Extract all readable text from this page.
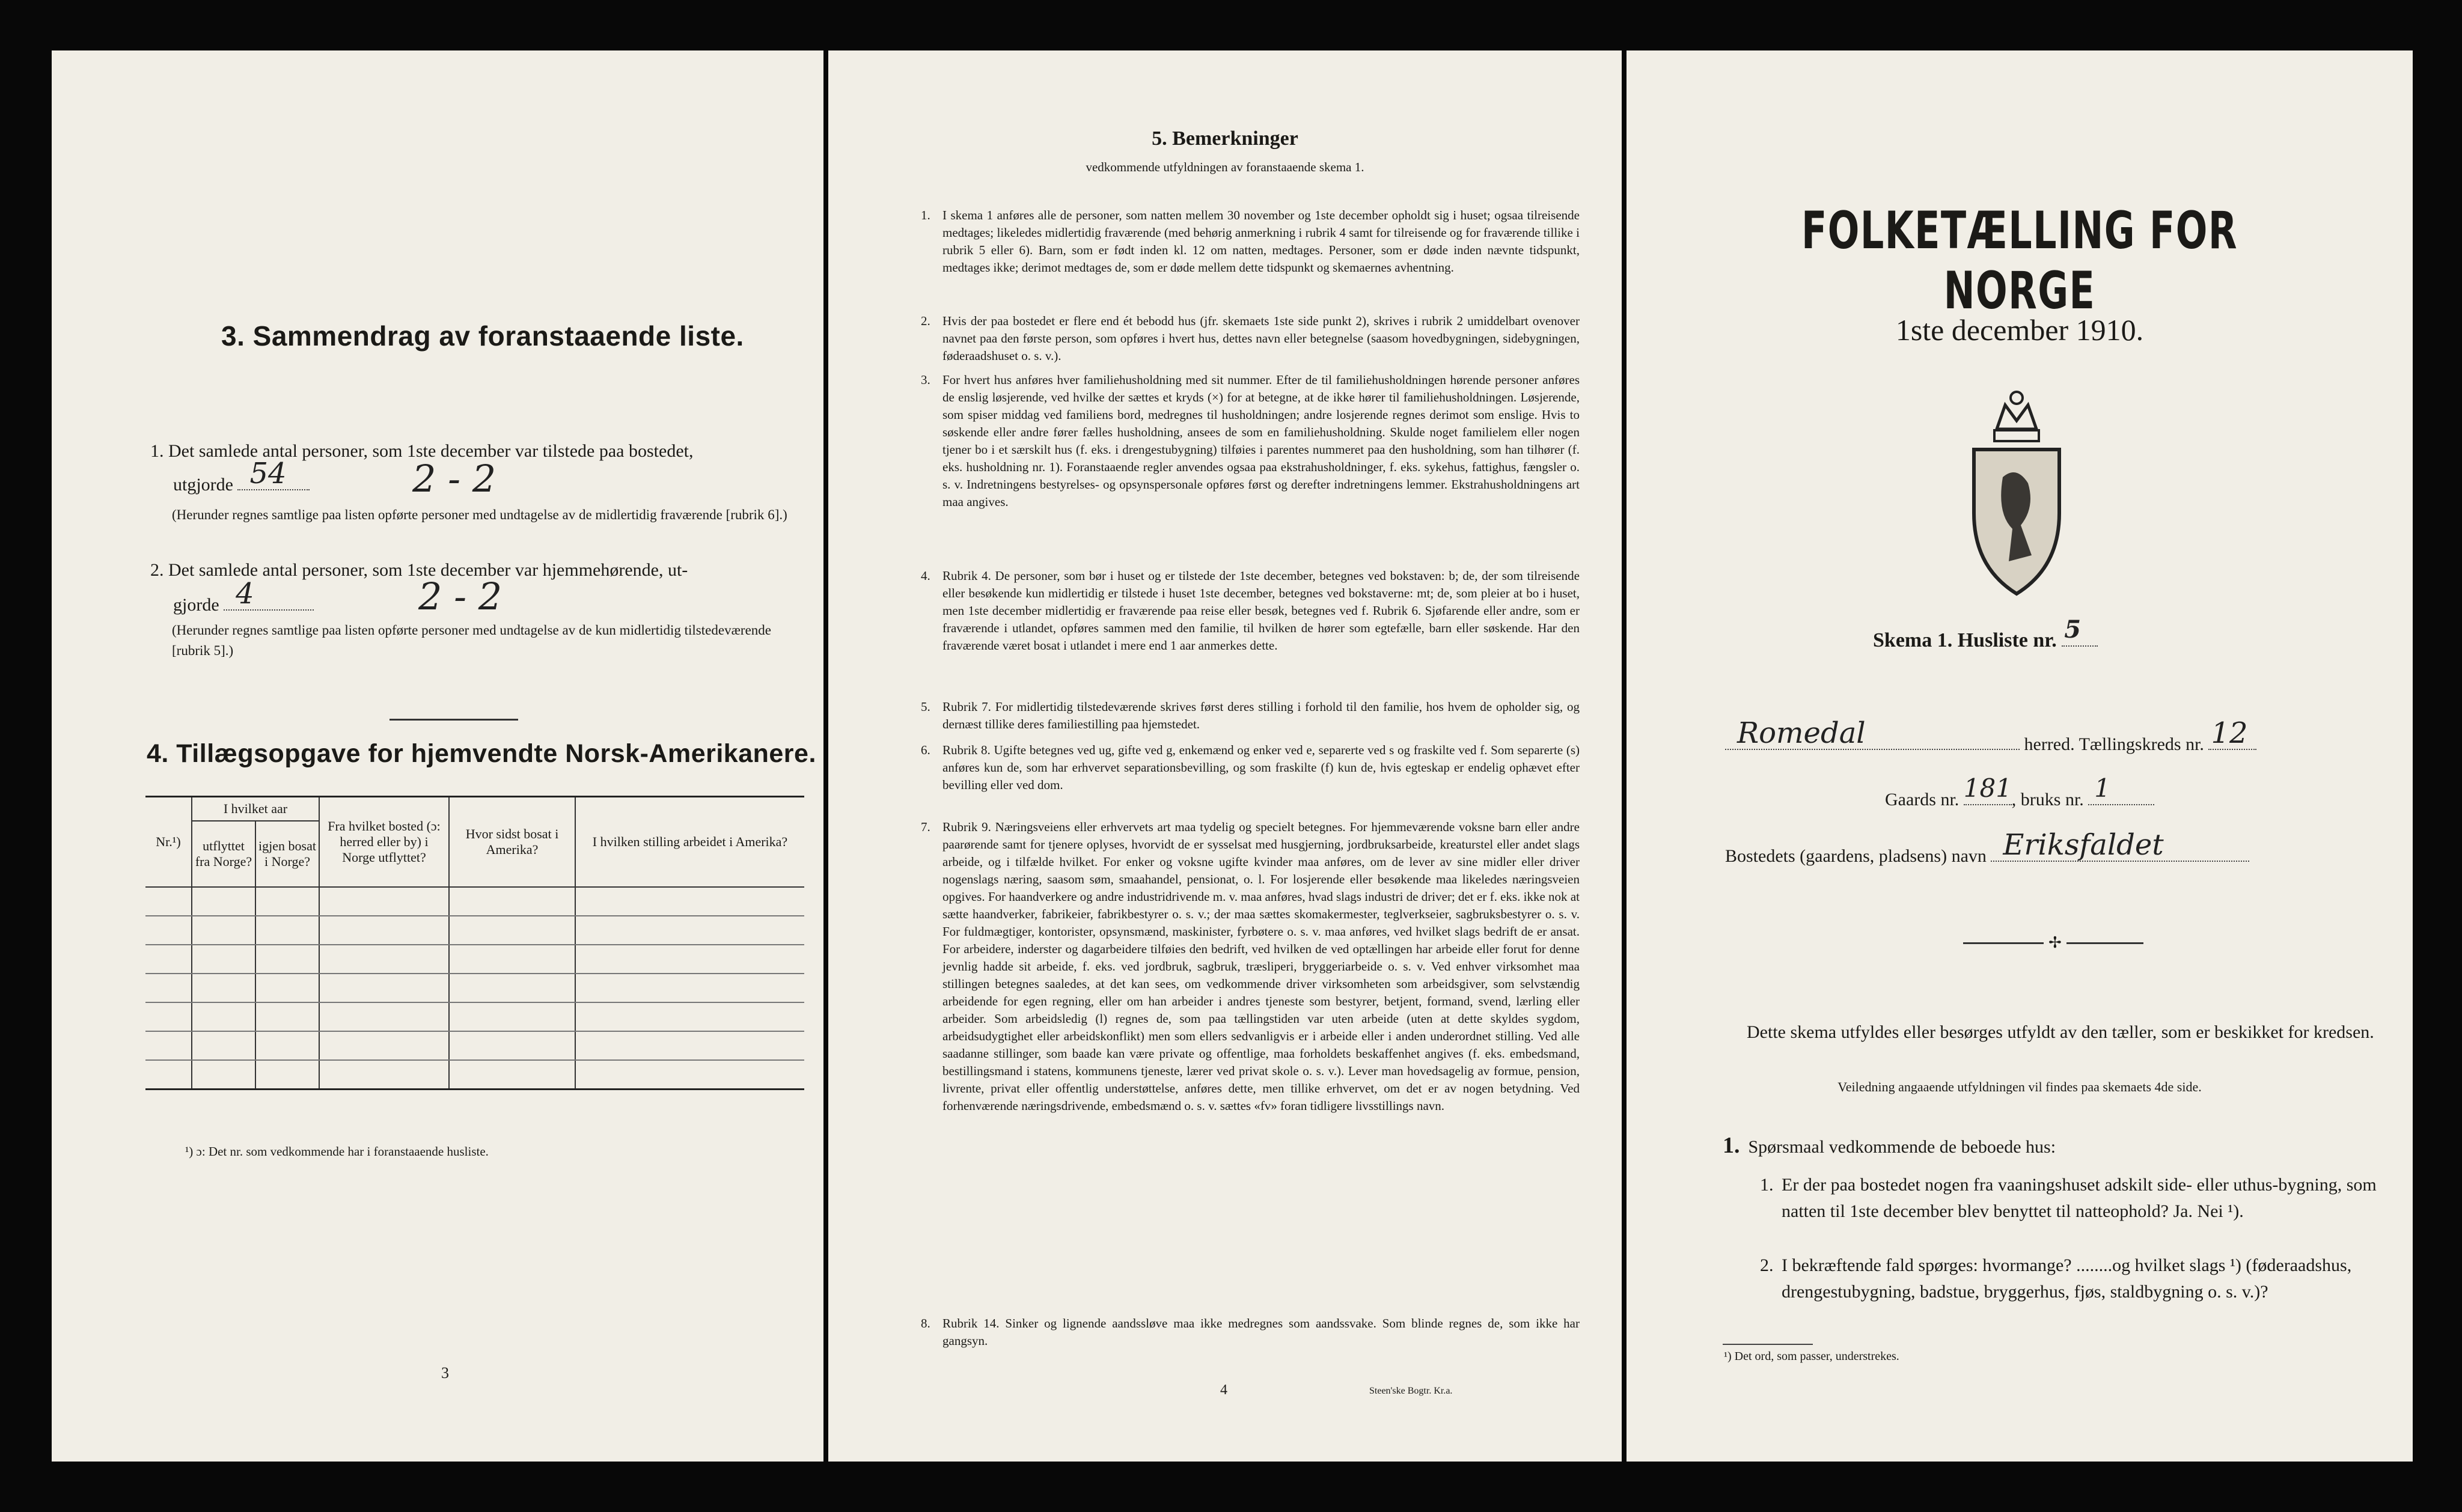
3. Sammendrag av foranstaaende liste.
1. Det samlede antal personer, som 1ste december var tilstede paa bostedet,
utgjorde 54	2 - 2
(Herunder regnes samtlige paa listen opførte personer med undtagelse av de midlertidig fraværende [rubrik 6].)
2. Det samlede antal personer, som 1ste december var hjemmehørende, ut-
gjorde 4	2 - 2
(Herunder regnes samtlige paa listen opførte personer med undtagelse av de kun midlertidig tilstedeværende [rubrik 5].)
4. Tillægsopgave for hjemvendte Norsk-Amerikanere.
Nr.¹)	I hvilket aar		Fra hvilket bosted (ɔ: herred eller by) i Norge utflyttet?	Hvor sidst bosat i Amerika?	I hvilken stilling arbeidet i Amerika?
	utflyttet fra Norge?	igjen bosat i Norge?			

¹) ɔ: Det nr. som vedkommende har i foranstaaende husliste.
3
5. Bemerkninger
vedkommende utfyldningen av foranstaaende skema 1.
1. I skema 1 anføres alle de personer, som natten mellem 30 november og 1ste december opholdt sig i huset; ogsaa tilreisende medtages; likeledes midlertidig fraværende (med behørig anmerkning i rubrik 4 samt for tilreisende og for fraværende tillike i rubrik 5 eller 6). Barn, som er født inden kl. 12 om natten, medtages. Personer, som er døde inden nævnte tidspunkt, medtages ikke; derimot medtages de, som er døde mellem dette tidspunkt og skemaernes avhentning.
2. Hvis der paa bostedet er flere end ét bebodd hus (jfr. skemaets 1ste side punkt 2), skrives i rubrik 2 umiddelbart ovenover navnet paa den første person, som opføres i hvert hus, dettes navn eller betegnelse (saasom hovedbygningen, sidebygningen, føderaadshuset o. s. v.).
3. For hvert hus anføres hver familiehusholdning med sit nummer. Efter de til familiehusholdningen hørende personer anføres de enslig løsjerende, ved hvilke der sættes et kryds (×) for at betegne, at de ikke hører til familiehusholdningen. Løsjerende, som spiser middag ved familiens bord, medregnes til husholdningen; andre losjerende regnes derimot som enslige. Hvis to søskende eller andre fører fælles husholdning, ansees de som en familiehusholdning. Skulde noget familielem eller nogen tjener bo i et særskilt hus (f. eks. i drengestubygning) tilføies i parentes nummeret paa den husholdning, som han tilhører (f. eks. husholdning nr. 1). Foranstaaende regler anvendes ogsaa paa ekstrahusholdninger, f. eks. sykehus, fattighus, fængsler o. s. v. Indretningens bestyrelses- og opsynspersonale opføres først og derefter indretningens lemmer. Ekstrahusholdningens art maa angives.
4. Rubrik 4. De personer, som bør i huset og er tilstede der 1ste december, betegnes ved bokstaven: b; de, der som tilreisende eller besøkende kun midlertidig er tilstede i huset 1ste december, betegnes ved bokstaverne: mt; de, som pleier at bo i huset, men 1ste december midlertidig er fraværende paa reise eller besøk, betegnes ved f. Rubrik 6. Sjøfarende eller andre, som er fraværende i utlandet, opføres sammen med den familie, til hvilken de hører som egtefælle, barn eller søskende. Har den fraværende været bosat i utlandet i mere end 1 aar anmerkes dette.
5. Rubrik 7. For midlertidig tilstedeværende skrives først deres stilling i forhold til den familie, hos hvem de opholder sig, og dernæst tillike deres familiestilling paa hjemstedet.
6. Rubrik 8. Ugifte betegnes ved ug, gifte ved g, enkemænd og enker ved e, separerte ved s og fraskilte ved f. Som separerte (s) anføres kun de, som har erhvervet separationsbevilling, og som fraskilte (f) kun de, hvis egteskap er endelig ophævet efter bevilling eller ved dom.
7. Rubrik 9. Næringsveiens eller erhvervets art maa tydelig og specielt betegnes. For hjemmeværende voksne barn eller andre paarørende samt for tjenere oplyses, hvorvidt de er sysselsat med husgjerning, jordbruksarbeide, kreaturstel eller andet slags arbeide, og i tilfælde hvilket. For enker og voksne ugifte kvinder maa anføres, om de lever av sine midler eller driver nogenslags næring, saasom søm, smaahandel, pensionat, o. l. For losjerende eller besøkende maa likeledes næringsveien opgives. For haandverkere og andre industridrivende m. v. maa anføres, hvad slags industri de driver; det er f. eks. ikke nok at sætte haandverker, fabrikeier, fabrikbestyrer o. s. v.; der maa sættes skomakermester, teglverkseier, sagbruksbestyrer o. s. v. For fuldmægtiger, kontorister, opsynsmænd, maskinister, fyrbøtere o. s. v. maa anføres, ved hvilket slags bedrift de er ansat. For arbeidere, inderster og dagarbeidere tilføies den bedrift, ved hvilken de ved optællingen har arbeide eller forut for denne jevnlig hadde sit arbeide, f. eks. ved jordbruk, sagbruk, træsliperi, bryggeriarbeide o. s. v. Ved enhver virksomhet maa stillingen betegnes saaledes, at det kan sees, om vedkommende driver virksomheten som arbeidsgiver, som selvstændig arbeidende for egen regning, eller om han arbeider i andres tjeneste som bestyrer, betjent, formand, svend, lærling eller arbeider. Som arbeidsledig (l) regnes de, som paa tællingstiden var uten arbeide (uten at dette skyldes sygdom, arbeidsudygtighet eller arbeidskonflikt) men som ellers sedvanligvis er i arbeide eller i anden underordnet stilling. Ved alle saadanne stillinger, som baade kan være private og offentlige, maa forholdets beskaffenhet angives (f. eks. embedsmand, bestillingsmand i statens, kommunens tjeneste, lærer ved privat skole o. s. v.). Lever man hovedsagelig av formue, pension, livrente, privat eller offentlig understøttelse, anføres dette, men tillike erhvervet, om det er av nogen betydning. Ved forhenværende næringsdrivende, embedsmænd o. s. v. sættes «fv» foran tidligere livsstillings navn.
8. Rubrik 14. Sinker og lignende aandssløve maa ikke medregnes som aandssvake. Som blinde regnes de, som ikke har gangsyn.
4	Steen'ske Bogtr. Kr.a.
FOLKETÆLLING FOR NORGE
1ste december 1910.
Skema 1. Husliste nr. 5
Romedal	herred. Tællingskreds nr. 12
Gaards nr. 181 , bruks nr. 1
Bostedets (gaardens, pladsens) navn Eriksfaldet
✢
Dette skema utfyldes eller besørges utfyldt av den tæller, som er beskikket for kredsen.
Veiledning angaaende utfyldningen vil findes paa skemaets 4de side.
1. Spørsmaal vedkommende de beboede hus:
1. Er der paa bostedet nogen fra vaaningshuset adskilt side- eller uthus-bygning, som natten til 1ste december blev benyttet til natteophold? Ja. Nei ¹).
2. I bekræftende fald spørges: hvormange? ........og hvilket slags ¹) (føderaadshus, drengestubygning, badstue, bryggerhus, fjøs, staldbygning o. s. v.)?
¹) Det ord, som passer, understrekes.
